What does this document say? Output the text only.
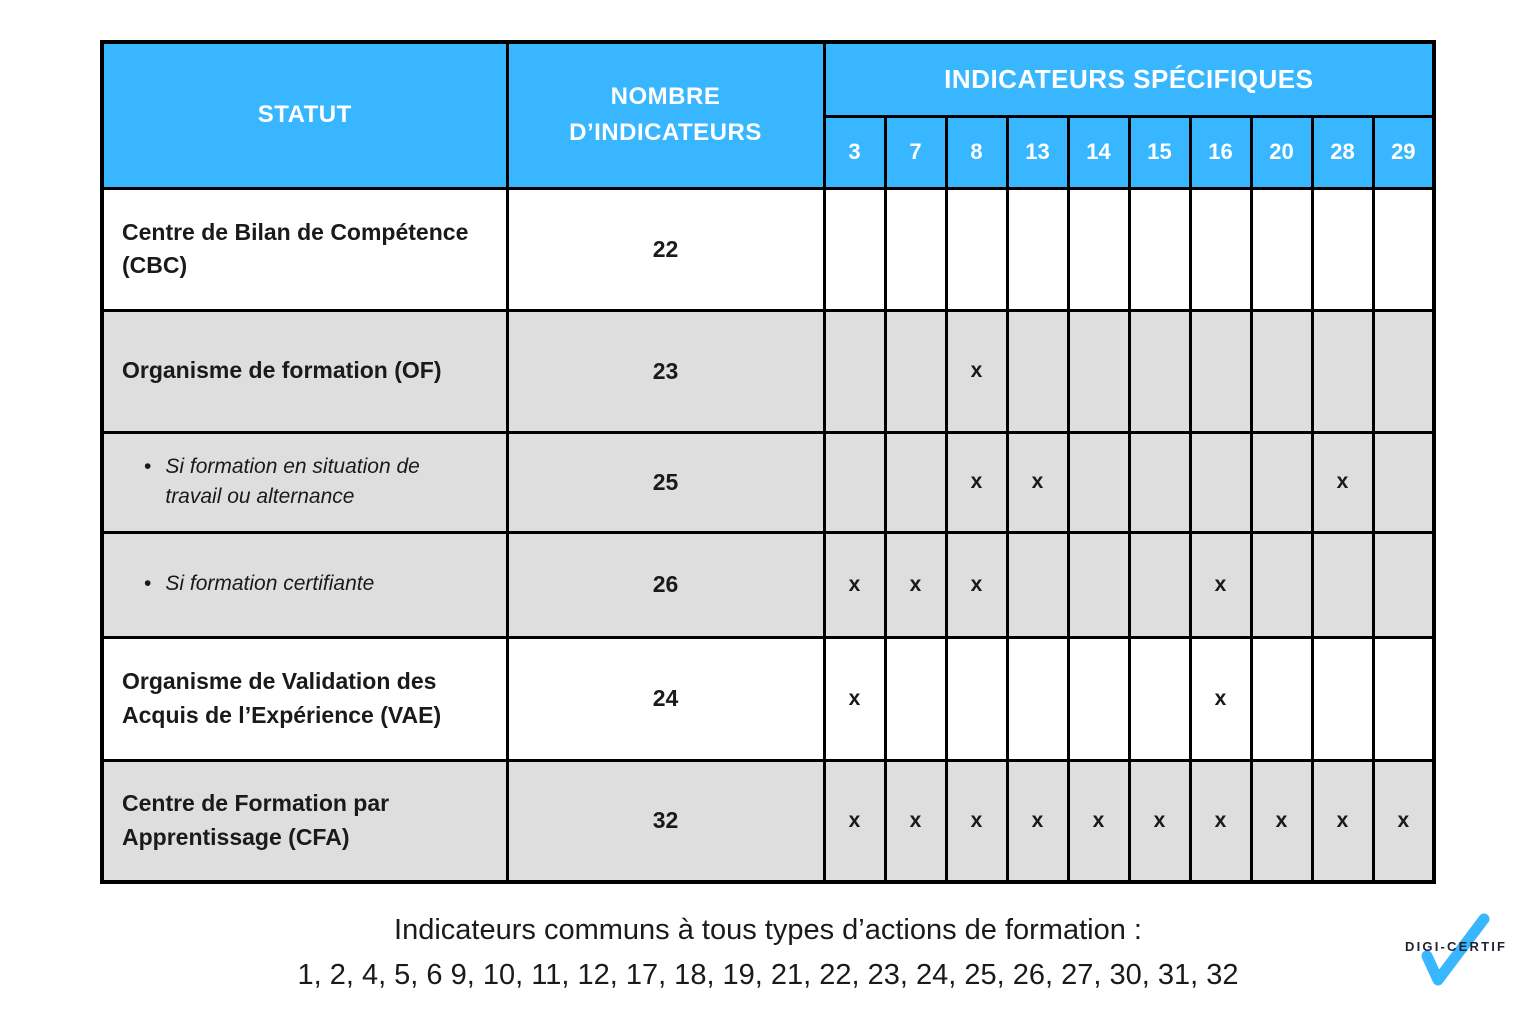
STATUT	NOMBRE D’INDICATEURS	INDICATEURS SPÉCIFIQUES									
		3	7	8	13	14	15	16	20	28	29

Centre de Bilan de Compétence (CBC)	22										

Organisme de formation (OF)	23			x							

• Si formation en situation de travail ou alternance	25			x	x					x	

• Si formation certifiante	26	x	x	x				x			

Organisme de Validation des Acquis de l’Expérience (VAE)	24	x						x			

Centre de Formation par Apprentissage (CFA)	32	x	x	x	x	x	x	x	x	x	x
Indicateurs communs à tous types d’actions de formation :
1, 2, 4, 5, 6 9, 10, 11, 12, 17, 18, 19, 21, 22, 23, 24, 25, 26, 27, 30, 31, 32
DIGI-CERTIF
